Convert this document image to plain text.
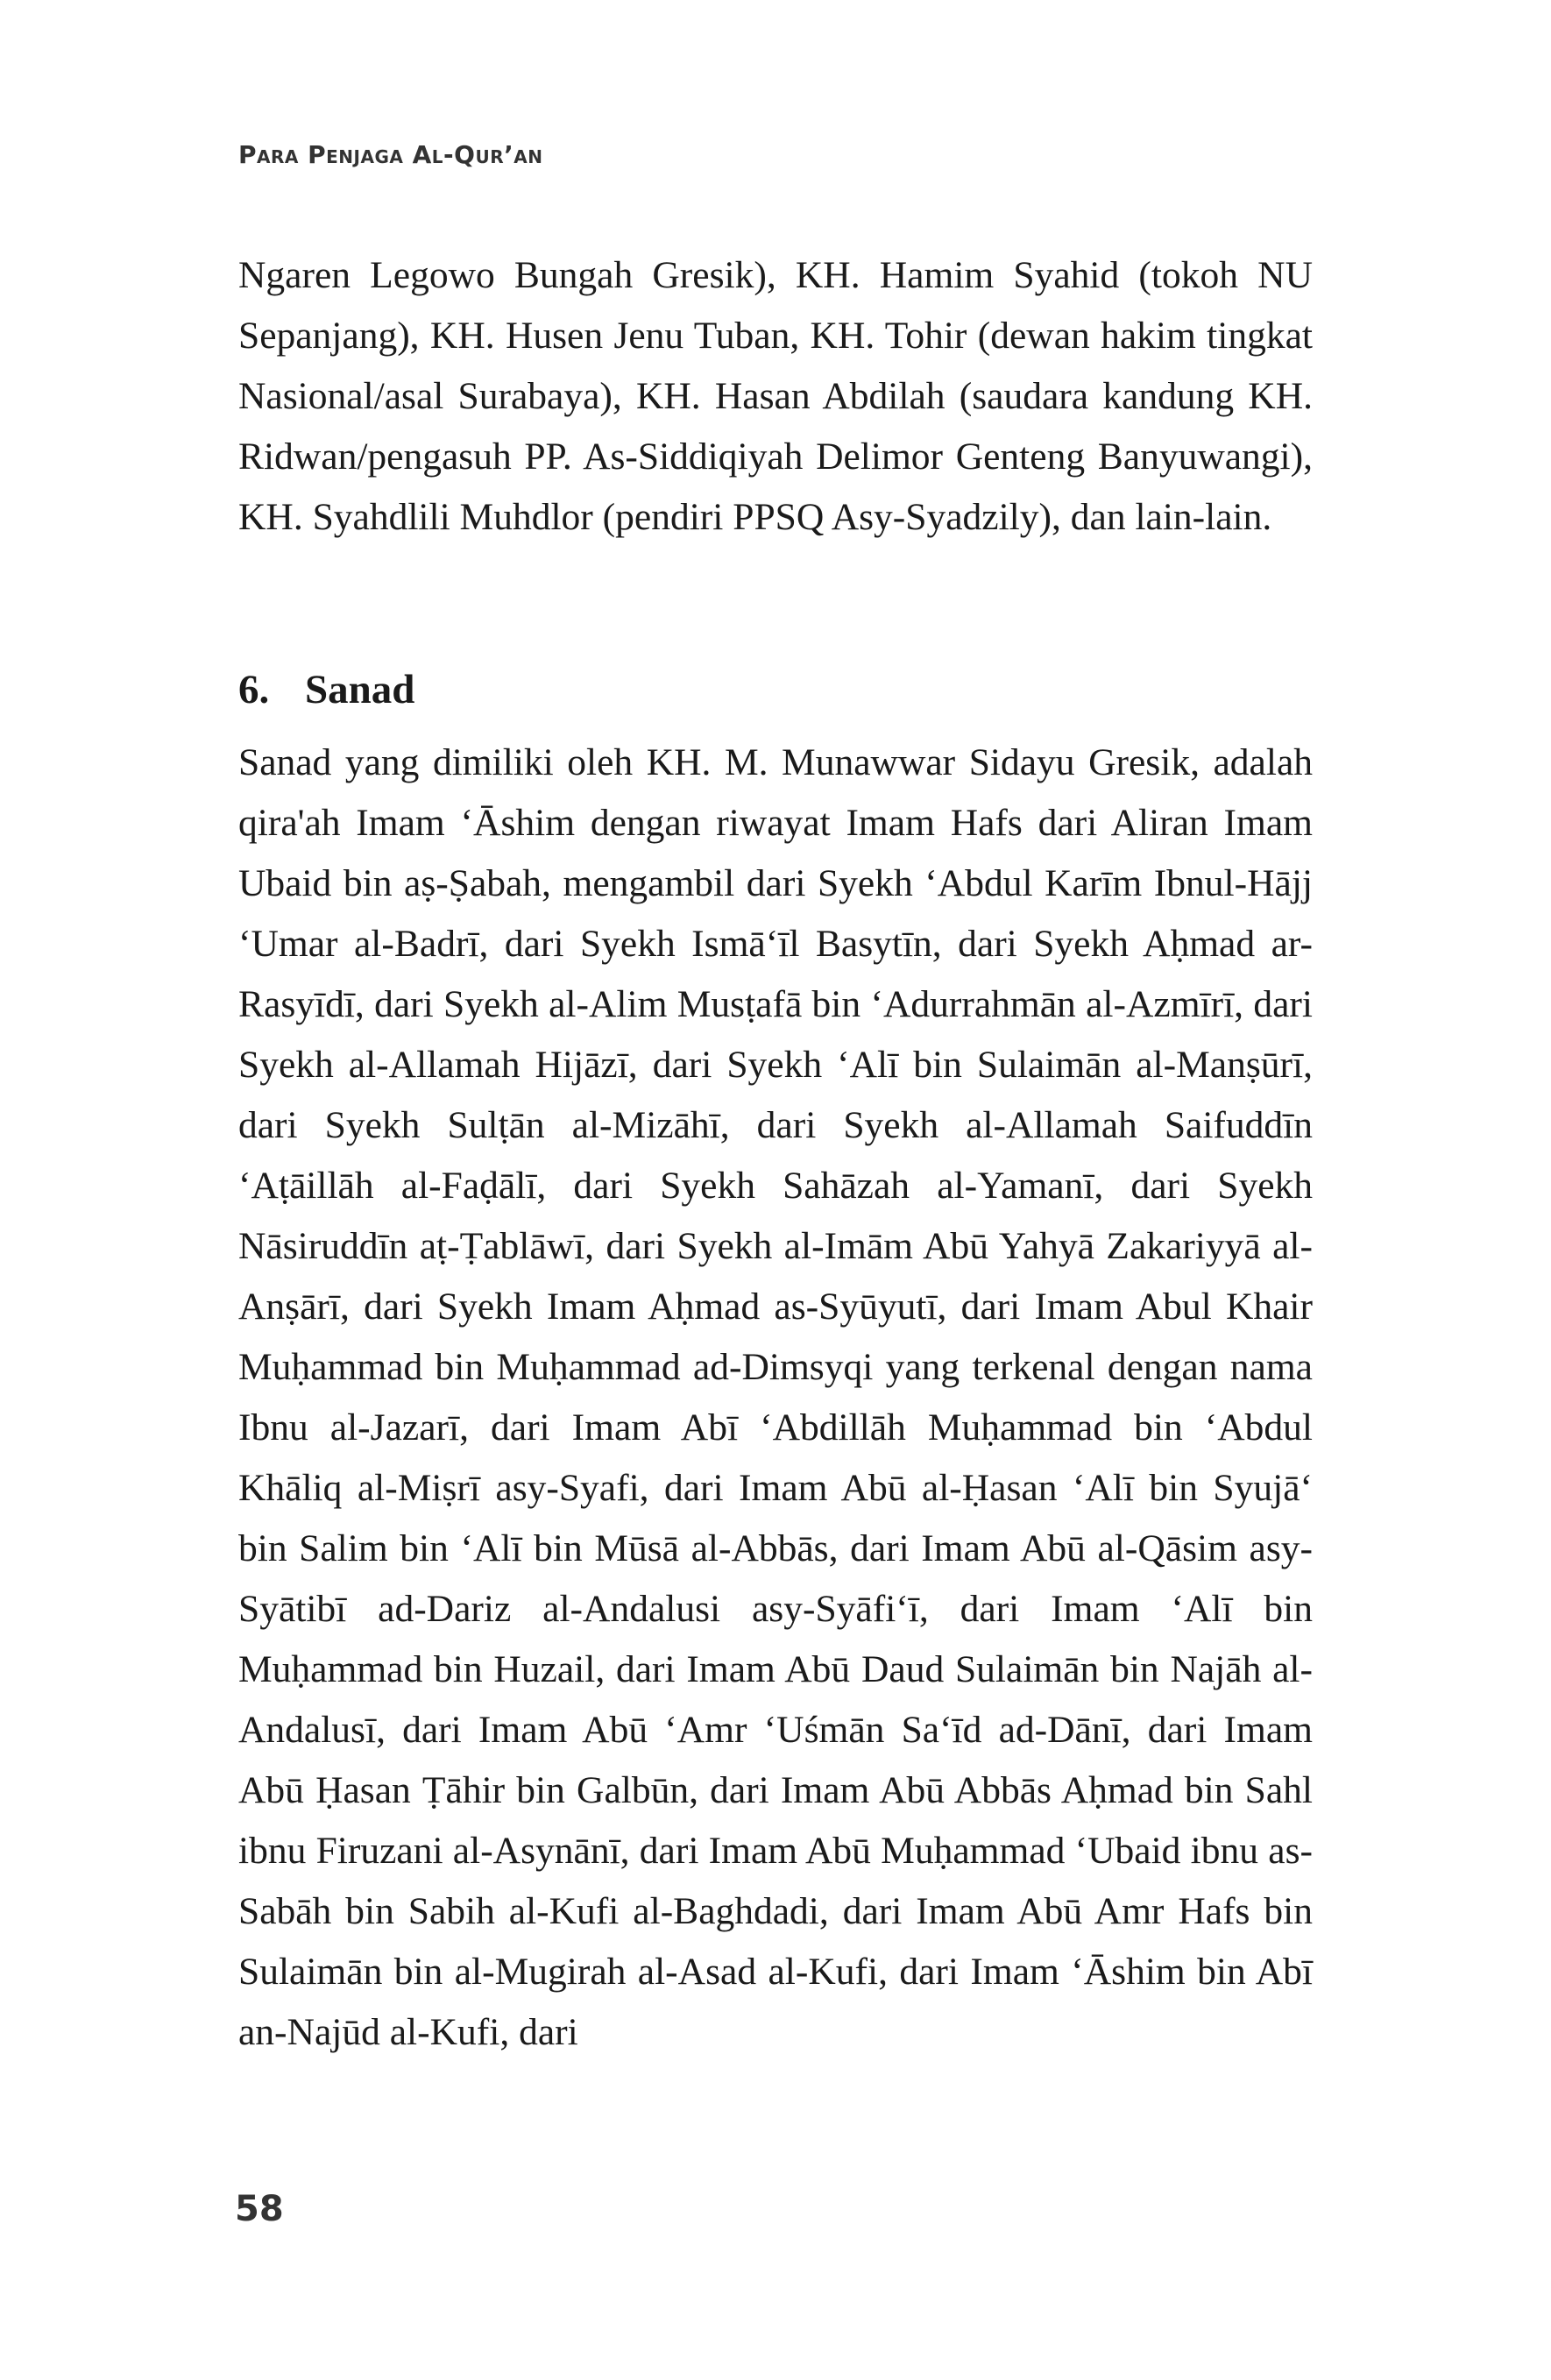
Para Penjaga Al-Qur’an

Ngaren Legowo Bungah Gresik), KH. Hamim Syahid (tokoh NU Sepanjang), KH. Husen Jenu Tuban, KH. Tohir (dewan hakim tingkat Nasional/asal Surabaya), KH. Hasan Abdilah (saudara kandung KH. Ridwan/pengasuh PP. As-Siddiqiyah Delimor Genteng Banyuwangi), KH. Syahdlili Muhdlor (pendiri PPSQ Asy-Syadzily), dan lain-lain.

6. Sanad

Sanad yang dimiliki oleh KH. M. Munawwar Sidayu Gresik, adalah qira'ah Imam ‘Āshim dengan riwayat Imam Hafs dari Aliran Imam Ubaid bin aṣ-Ṣabah, mengambil dari Syekh ‘Abdul Karīm Ibnul-Hājj ‘Umar al-Badrī, dari Syekh Ismā‘īl Basytīn, dari Syekh Aḥmad ar-Rasyīdī, dari Syekh al-Alim Musṭafā bin ‘Adurrahmān al-Azmīrī, dari Syekh al-Allamah Hijāzī, dari Syekh ‘Alī bin Sulaimān al-Manṣūrī, dari Syekh Sulṭān al-Mizāhī, dari Syekh al-Allamah Saifuddīn ‘Aṭāillāh al-Faḍālī, dari Syekh Sahāzah al-Yamanī, dari Syekh Nāsiruddīn aṭ-Ṭablāwī, dari Syekh al-Imām Abū Yahyā Zakariyyā al-Anṣārī, dari Syekh Imam Aḥmad as-Syūyutī, dari Imam Abul Khair Muḥammad bin Muḥammad ad-Dimsyqi yang terkenal dengan nama Ibnu al-Jazarī, dari Imam Abī ‘Abdillāh Muḥammad bin ‘Abdul Khāliq al-Miṣrī asy-Syafi, dari Imam Abū al-Ḥasan ‘Alī bin Syujā‘ bin Salim bin ‘Alī bin Mūsā al-Abbās, dari Imam Abū al-Qāsim asy-Syātibī ad-Dariz al-Andalusi asy-Syāfi‘ī, dari Imam ‘Alī bin Muḥammad bin Huzail, dari Imam Abū Daud Sulaimān bin Najāh al-Andalusī, dari Imam Abū ‘Amr ‘Uśmān Sa‘īd ad-Dānī, dari Imam Abū Ḥasan Ṭāhir bin Galbūn, dari Imam Abū Abbās Aḥmad bin Sahl ibnu Firuzani al-Asynānī, dari Imam Abū Muḥammad ‘Ubaid ibnu as-Sabāh bin Sabih al-Kufi al-Baghdadi, dari Imam Abū Amr Hafs bin Sulaimān bin al-Mugirah al-Asad al-Kufi, dari Imam ‘Āshim bin Abī an-Najūd al-Kufi, dari

58
